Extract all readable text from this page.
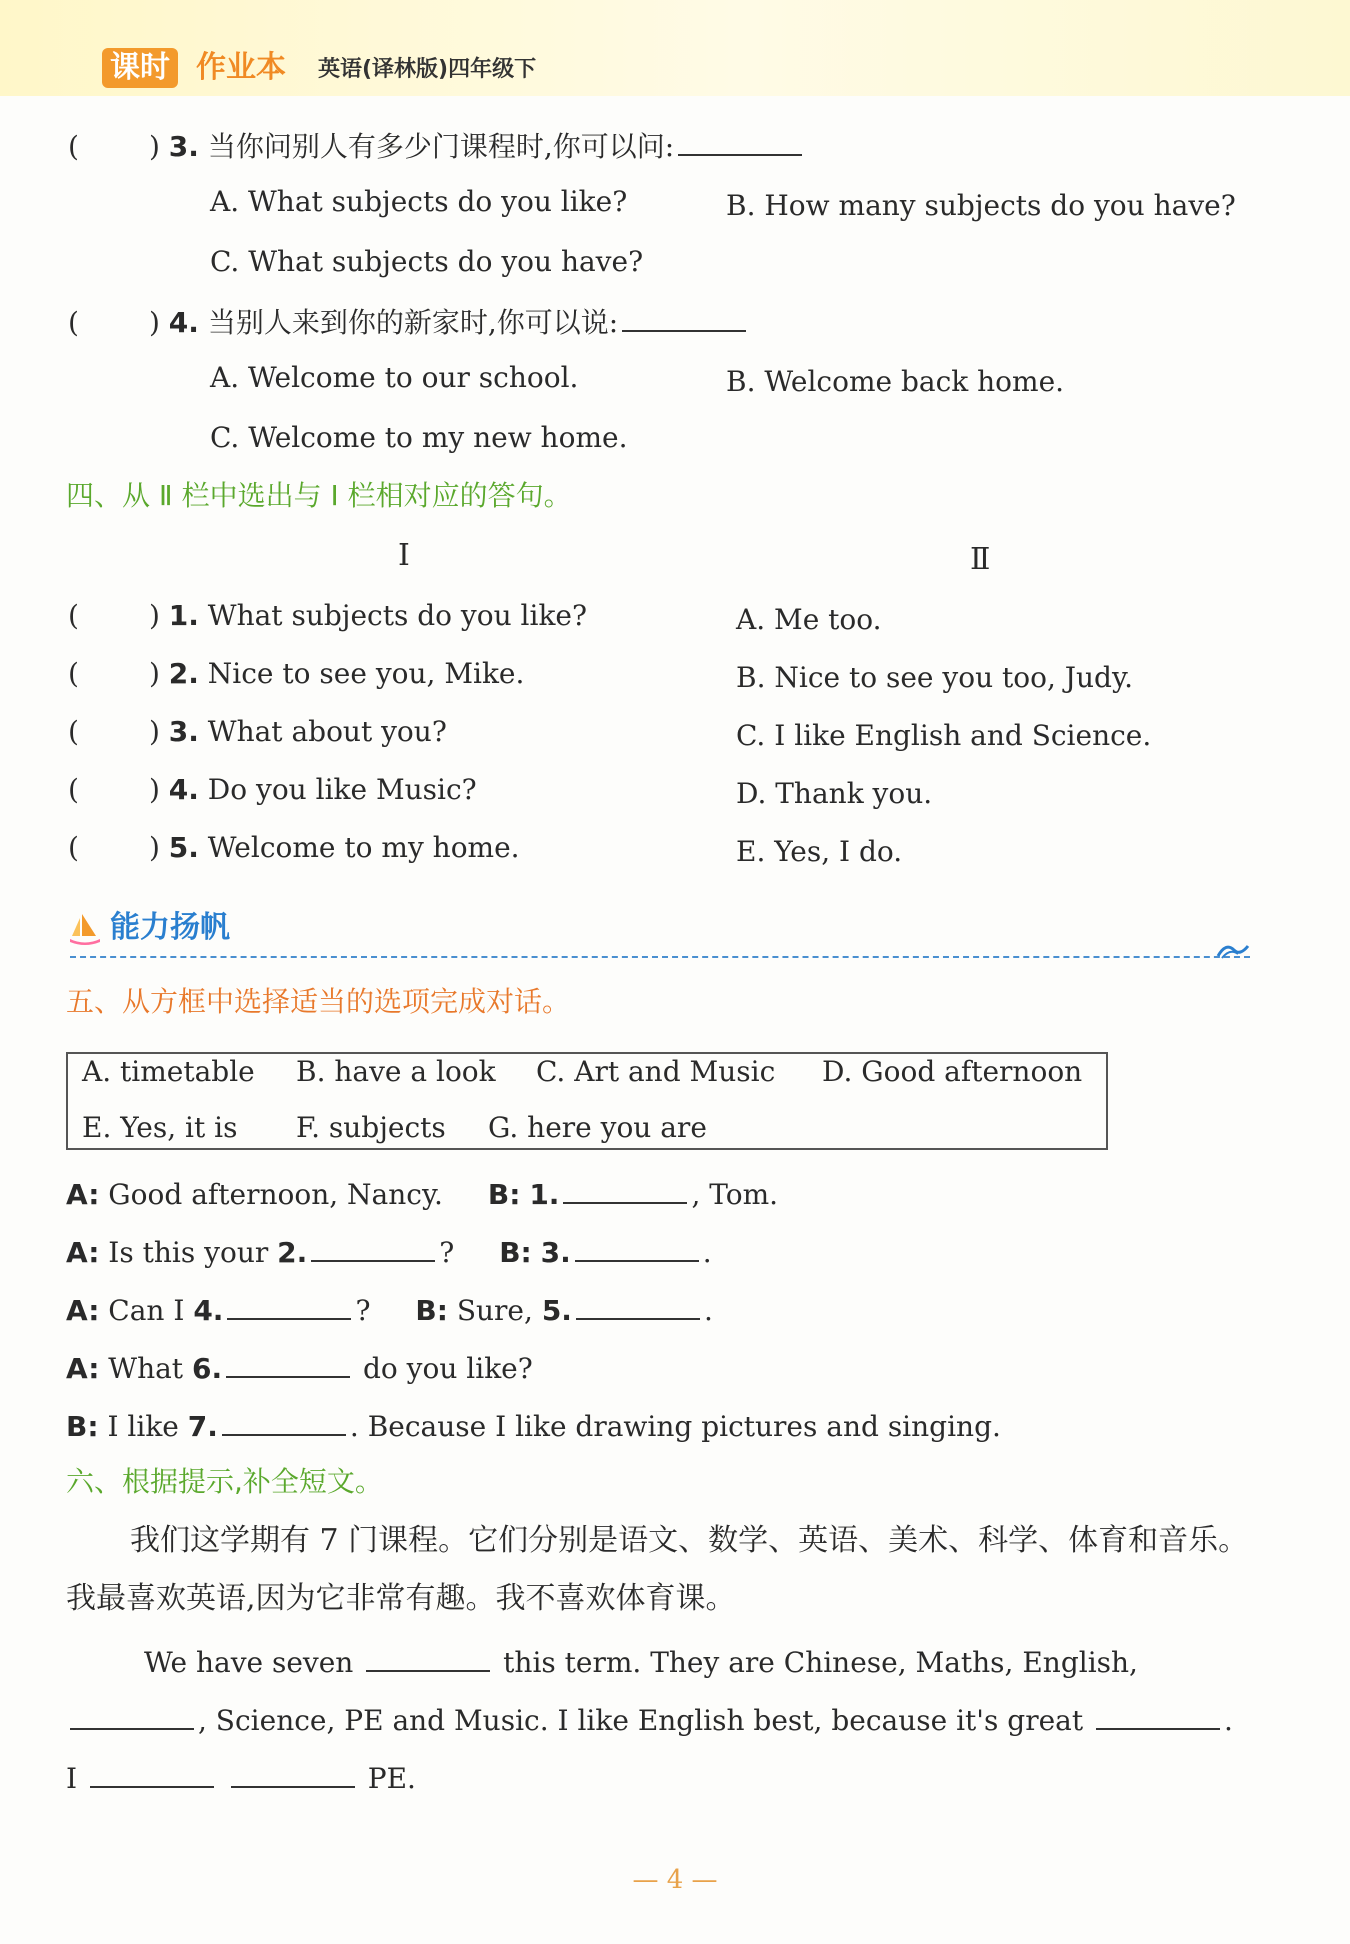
课时 作业本 英语(译林版)四年级下
(	) 3. 当你问别人有多少门课程时,你可以问:
A. What subjects do you like?	B. How many subjects do you have?
C. What subjects do you have?
(	) 4. 当别人来到你的新家时,你可以说:
A. Welcome to our school.	B. Welcome back home.
C. Welcome to my new home.
四、从 Ⅱ 栏中选出与 Ⅰ 栏相对应的答句。
Ⅰ	Ⅱ
(	) 1. What subjects do you like?	A. Me too.
(	) 2. Nice to see you, Mike.	B. Nice to see you too, Judy.
(	) 3. What about you?	C. I like English and Science.
(	) 4. Do you like Music?	D. Thank you.
(	) 5. Welcome to my home.	E. Yes, I do.
能力扬帆
五、从方框中选择适当的选项完成对话。
A. timetable B. have a look C. Art and Music D. Good afternoon
E. Yes, it is F. subjects G. here you are
A: Good afternoon, Nancy. B: 1.	, Tom.
A: Is this your 2.	? B: 3.	.
A: Can I 4.	? B: Sure, 5.	.
A: What 6.	do you like?
B: I like 7.	. Because I like drawing pictures and singing.
六、根据提示,补全短文。
我们这学期有 7 门课程。它们分别是语文、数学、英语、美术、科学、体育和音乐。
我最喜欢英语,因为它非常有趣。我不喜欢体育课。
We have seven	this term. They are Chinese, Maths, English,
, Science, PE and Music. I like English best, because it's great	.
I	PE.
— 4 —
